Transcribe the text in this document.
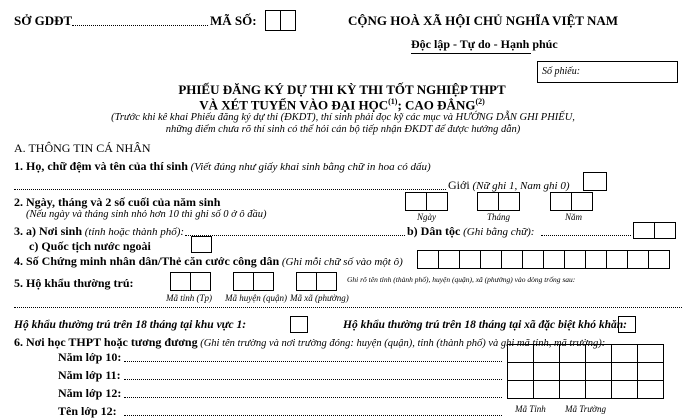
SỞ GDĐT	MÃ SỐ:	CỘNG HOÀ XÃ HỘI CHỦ NGHĨA VIỆT NAM
Độc lập - Tự do - Hạnh phúc
Số phiếu:
PHIẾU ĐĂNG KÝ DỰ THI KỲ THI TỐT NGHIỆP THPT
VÀ XÉT TUYỂN VÀO ĐẠI HỌC$^{(1)}$; CAO ĐẲNG$^{(2)}$
(Trước khi kê khai Phiếu đăng ký dự thi (ĐKDT), thí sinh phải đọc kỹ các mục và HƯỚNG DẪN GHI PHIẾU,
những điểm chưa rõ thí sinh có thể hỏi cán bộ tiếp nhận ĐKDT để được hướng dẫn)
A. THÔNG TIN CÁ NHÂN
1. Họ, chữ đệm và tên của thí sinh (Viết đúng như giấy khai sinh bằng chữ in hoa có dấu)
Giới (Nữ ghi 1, Nam ghi 0)
2. Ngày, tháng và 2 số cuối của năm sinh
(Nếu ngày và tháng sinh nhỏ hơn 10 thì ghi số 0 ở ô đầu)	Ngày	Tháng	Năm
3. a) Nơi sinh (tỉnh hoặc thành phố):	b) Dân tộc (Ghi bằng chữ):
c) Quốc tịch nước ngoài
4. Số Chứng minh nhân dân/Thẻ căn cước công dân (Ghi mỗi chữ số vào một ô)
5. Hộ khẩu thường trú:	Ghi rõ tên tỉnh (thành phố), huyện (quận), xã (phường) vào dòng trống sau:
Mã tỉnh (Tp) Mã huyện (quận) Mã xã (phường)
Hộ khẩu thường trú trên 18 tháng tại khu vực 1:	Hộ khẩu thường trú trên 18 tháng tại xã đặc biệt khó khăn:
6. Nơi học THPT hoặc tương đương (Ghi tên trường và nơi trường đóng: huyện (quận), tỉnh (thành phố) và ghi mã tỉnh, mã trường):
Năm lớp 10:
Năm lớp 11:
Năm lớp 12:
Tên lớp 12:

						Mã Tỉnh Mã Trường
